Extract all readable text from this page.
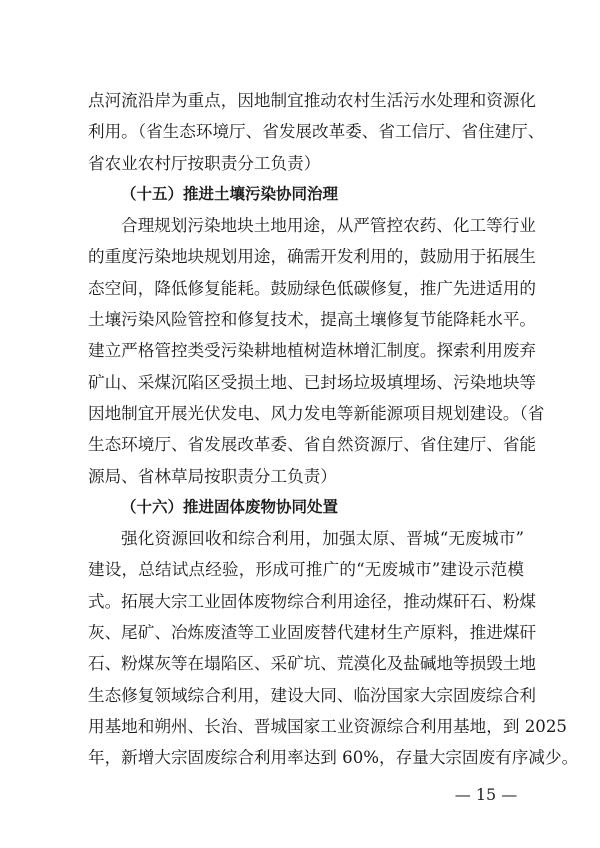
点河流沿岸为重点，因地制宜推动农村生活污水处理和资源化
利用。（省生态环境厅、省发展改革委、省工信厅、省住建厅、
省农业农村厅按职责分工负责）
（十五）推进土壤污染协同治理
合理规划污染地块土地用途，从严管控农药、化工等行业
的重度污染地块规划用途，确需开发利用的，鼓励用于拓展生
态空间，降低修复能耗。鼓励绿色低碳修复，推广先进适用的
土壤污染风险管控和修复技术，提高土壤修复节能降耗水平。
建立严格管控类受污染耕地植树造林增汇制度。探索利用废弃
矿山、采煤沉陷区受损土地、已封场垃圾填埋场、污染地块等
因地制宜开展光伏发电、风力发电等新能源项目规划建设。（省
生态环境厅、省发展改革委、省自然资源厅、省住建厅、省能
源局、省林草局按职责分工负责）
（十六）推进固体废物协同处置
强化资源回收和综合利用，加强太原、晋城“无废城市”
建设，总结试点经验，形成可推广的“无废城市”建设示范模
式。拓展大宗工业固体废物综合利用途径，推动煤矸石、粉煤
灰、尾矿、冶炼废渣等工业固废替代建材生产原料，推进煤矸
石、粉煤灰等在塌陷区、采矿坑、荒漠化及盐碱地等损毁土地
生态修复领域综合利用，建设大同、临汾国家大宗固废综合利
用基地和朔州、长治、晋城国家工业资源综合利用基地，到 2025
年，新增大宗固废综合利用率达到 60%，存量大宗固废有序减少。
— 15 —
